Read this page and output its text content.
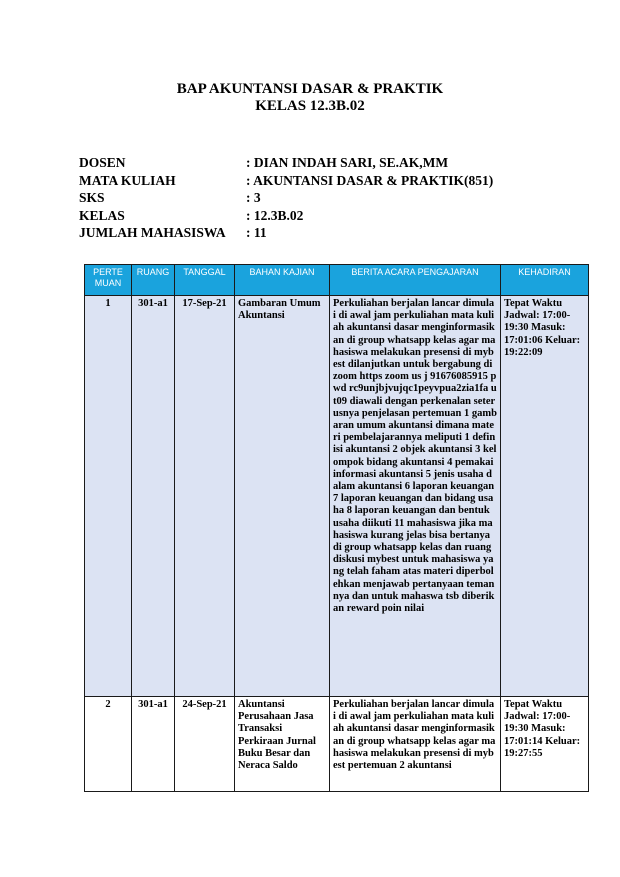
BAP AKUNTANSI DASAR & PRAKTIK
KELAS 12.3B.02
DOSEN	: DIAN INDAH SARI, SE.AK,MM
MATA KULIAH	: AKUNTANSI DASAR & PRAKTIK(851)
SKS	: 3
KELAS	: 12.3B.02
JUMLAH MAHASISWA : 11
PERTE MUAN	RUANG	TANGGAL	BAHAN KAJIAN	BERITA ACARA PENGAJARAN	KEHADIRAN
1	301-a1	17-Sep-21	Gambaran Umum Akuntansi	Perkuliahan berjalan lancar dimulai di awal jam perkuliahan mata kuliah akuntansi dasar menginformasikan di group whatsapp kelas agar mahasiswa melakukan presensi di mybest dilanjutkan untuk bergabung di zoom https zoom us j 91676085915 pwd rc9unjbjvujqc1peyvpua2zia1fa ut09 diawali dengan perkenalan seterusnya penjelasan pertemuan 1 gambaran umum akuntansi dimana materi pembelajarannya meliputi 1 definisi akuntansi 2 objek akuntansi 3 kelompok bidang akuntansi 4 pemakai informasi akuntansi 5 jenis usaha dalam akuntansi 6 laporan keuangan 7 laporan keuangan dan bidang usaha 8 laporan keuangan dan bentuk usaha diikuti 11 mahasiswa jika mahasiswa kurang jelas bisa bertanya di group whatsapp kelas dan ruang diskusi mybest untuk mahasiswa yang telah faham atas materi diperbolehkan menjawab pertanyaan temannya dan untuk mahaswa tsb diberikan reward poin nilai	Tepat Waktu Jadwal: 17:00-19:30 Masuk: 17:01:06 Keluar: 19:22:09
2	301-a1	24-Sep-21	Akuntansi Perusahaan Jasa Transaksi Perkiraan Jurnal Buku Besar dan Neraca Saldo	Perkuliahan berjalan lancar dimulai di awal jam perkuliahan mata kuliah akuntansi dasar menginformasikan di group whatsapp kelas agar mahasiswa melakukan presensi di mybest pertemuan 2 akuntansi	Tepat Waktu Jadwal: 17:00-19:30 Masuk: 17:01:14 Keluar: 19:27:55
